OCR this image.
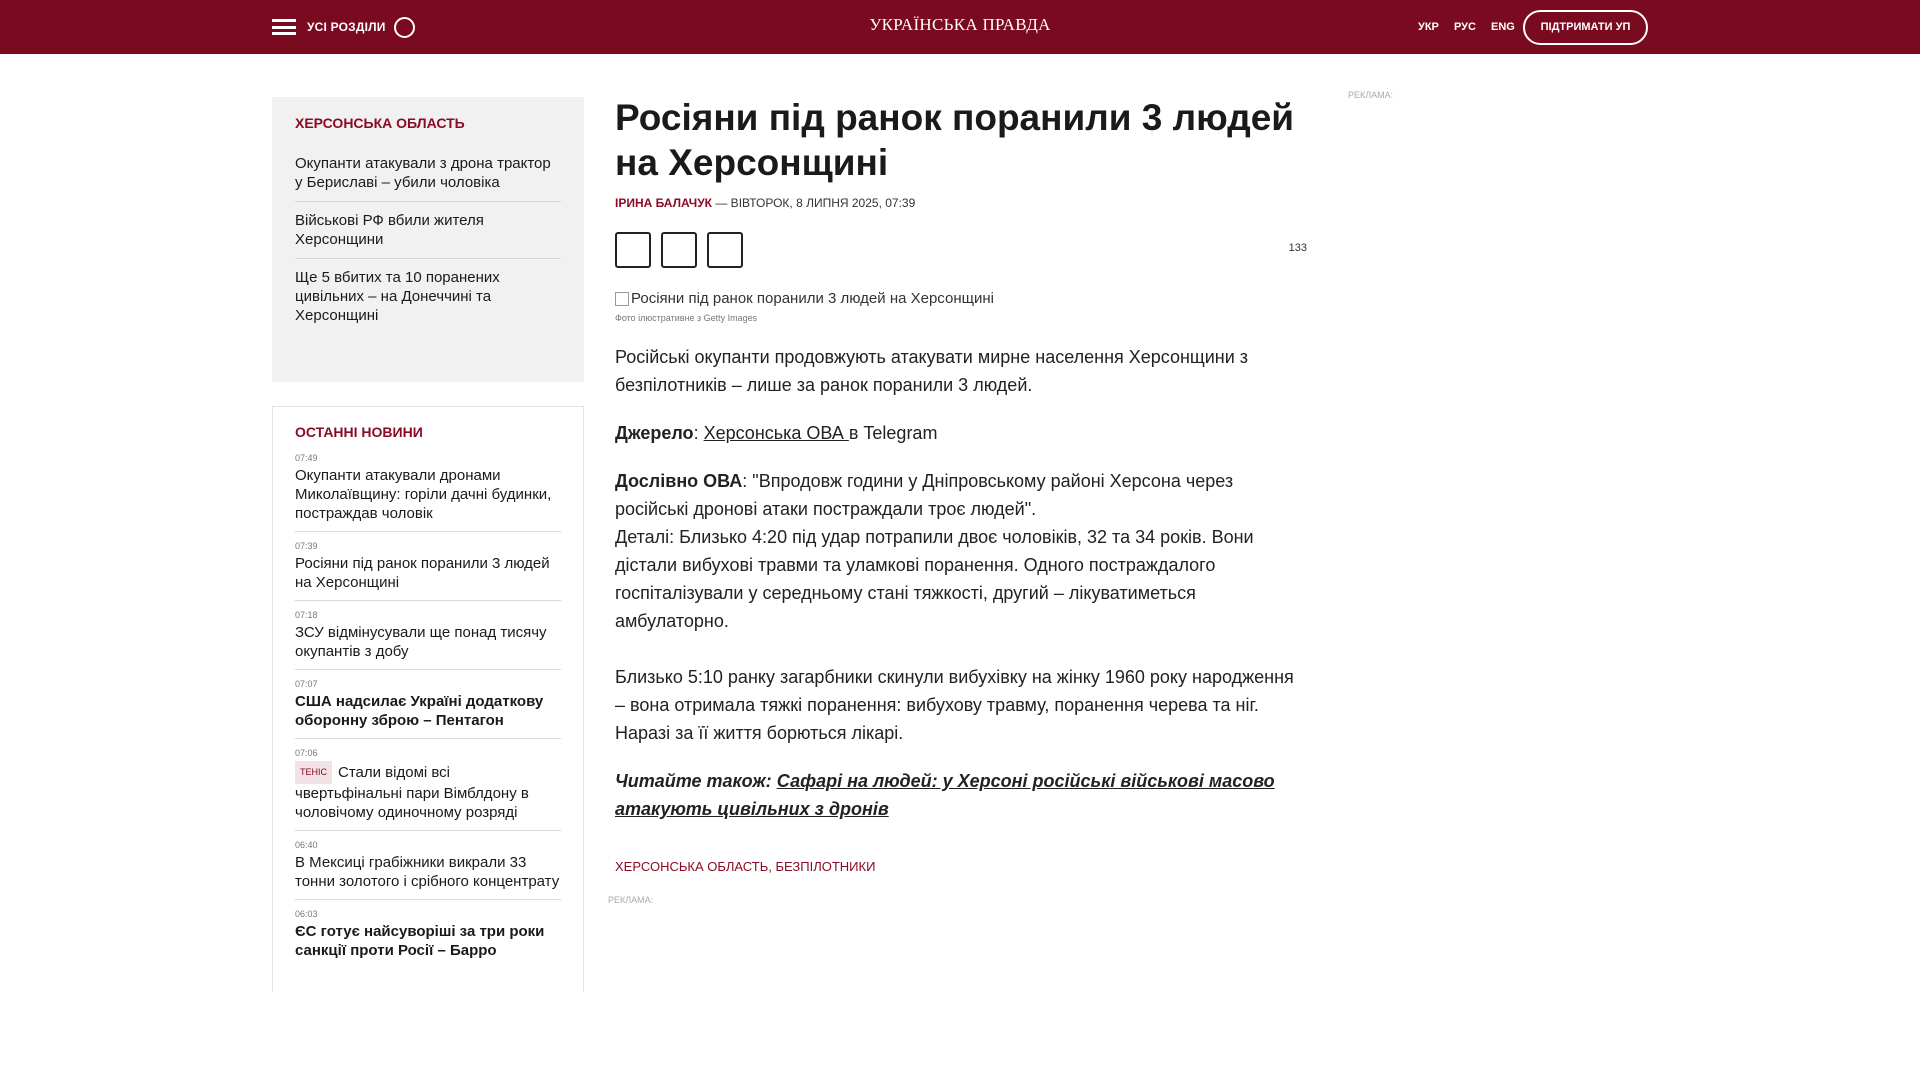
УСІ РОЗДІЛИ	УКРАЇНСЬКА ПРАВДА	УКР РУС ENG	ПІДТРИМАТИ УП
ХЕРСОНСЬКА ОБЛАСТЬ
Окупанти атакували з дрона трактор у Бериславі – убили чоловіка
Військові РФ вбили жителя Херсонщини
Ще 5 вбитих та 10 поранених цивільних – на Донеччині та Херсонщині
ОСТАННІ НОВИНИ
07:49
Окупанти атакували дронами Миколаївщину: горіли дачні будинки, постраждав чоловік
07:39
Росіяни під ранок поранили 3 людей на Херсонщині
07:18
ЗСУ відмінусували ще понад тисячу окупантів з добу
07:07
США надсилає Україні додаткову оборонну зброю – Пентагон
07:06
ТЕНІС Стали відомі всі чвертьфінальні пари Вімблдону в чоловічому одиночному розряді
06:40
В Мексиці грабіжники викрали 33 тонни золотого і срібного концентрату
06:03
ЄС готує найсуворіші за три роки санкції проти Росії – Барро
Росіяни під ранок поранили 3 людей на Херсонщині
ІРИНА БАЛАЧУК — ВІВТОРОК, 8 ЛИПНЯ 2025, 07:39
133
Росіяни під ранок поранили 3 людей на Херсонщині
Фото ілюстративне з Getty Images

Російські окупанти продовжують атакувати мирне населення Херсонщини з безпілотників – лише за ранок поранили 3 людей.

Джерело: Херсонська ОВА в Telegram

Дослівно ОВА: "Впродовж години у Дніпровському районі Херсона через російські дронові атаки постраждали троє людей".

Деталі: Близько 4:20 під удар потрапили двоє чоловіків, 32 та 34 років. Вони дістали вибухові травми та уламкові поранення. Одного постраждалого госпіталізували у середньому стані тяжкості, другий – лікуватиметься амбулаторно.

Близько 5:10 ранку загарбники скинули вибухівку на жінку 1960 року народження – вона отримала тяжкі поранення: вибухову травму, поранення черева та ніг. Наразі за її життя борються лікарі.

Читайте також: Сафарі на людей: у Херсоні російські військові масово атакують цивільних з дронів

ХЕРСОНСЬКА ОБЛАСТЬ, БЕЗПІЛОТНИКИ
РЕКЛАМА:
РЕКЛАМА:
